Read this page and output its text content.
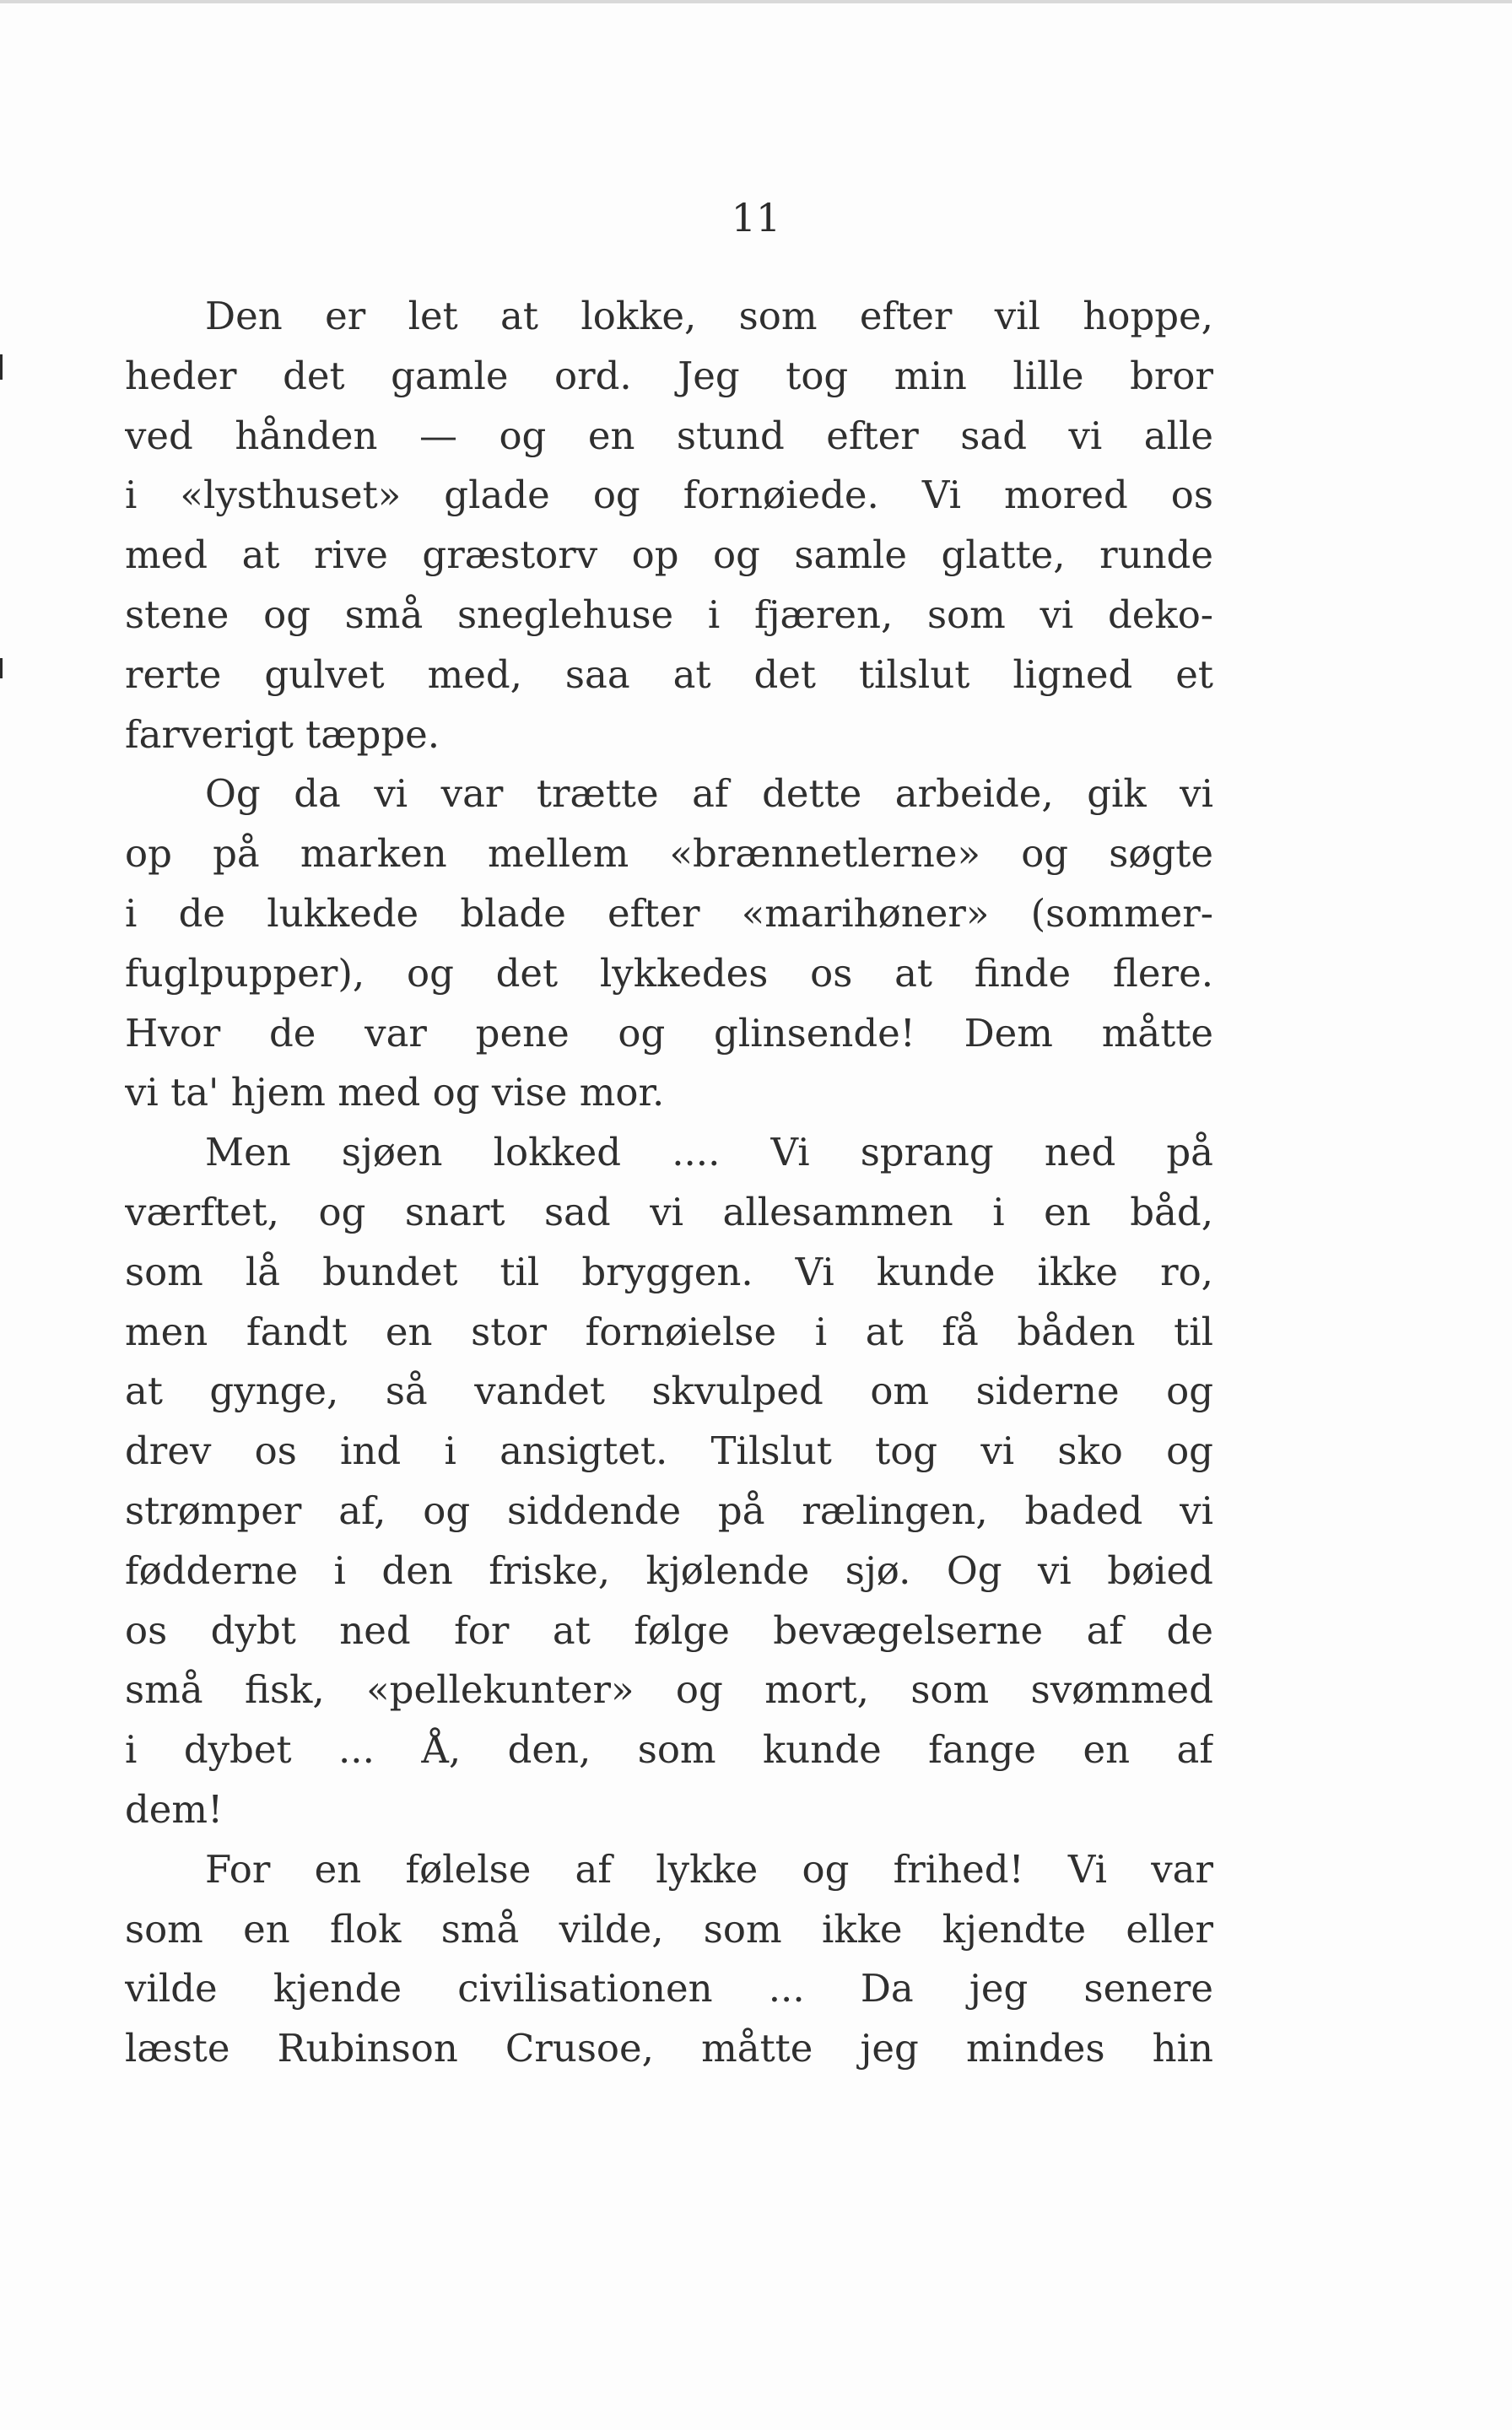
11
Den er let at lokke, som efter vil hoppe,
heder det gamle ord. Jeg tog min lille bror
ved hånden — og en stund efter sad vi alle
i «lysthuset» glade og fornøiede. Vi mored os
med at rive græstorv op og samle glatte, runde
stene og små sneglehuse i fjæren, som vi deko-
rerte gulvet med, saa at det tilslut ligned et
farverigt tæppe.
Og da vi var trætte af dette arbeide, gik vi
op på marken mellem «brænnetlerne» og søgte
i de lukkede blade efter «marihøner» (sommer-
fuglpupper), og det lykkedes os at finde flere.
Hvor de var pene og glinsende! Dem måtte
vi ta' hjem med og vise mor.
Men sjøen lokked .... Vi sprang ned på
værftet, og snart sad vi allesammen i en båd,
som lå bundet til bryggen. Vi kunde ikke ro,
men fandt en stor fornøielse i at få båden til
at gynge, så vandet skvulped om siderne og
drev os ind i ansigtet. Tilslut tog vi sko og
strømper af, og siddende på rælingen, baded vi
fødderne i den friske, kjølende sjø. Og vi bøied
os dybt ned for at følge bevægelserne af de
små fisk, «pellekunter» og mort, som svømmed
i dybet ... Å, den, som kunde fange en af
dem!
For en følelse af lykke og frihed! Vi var
som en flok små vilde, som ikke kjendte eller
vilde kjende civilisationen ... Da jeg senere
læste Rubinson Crusoe, måtte jeg mindes hin
